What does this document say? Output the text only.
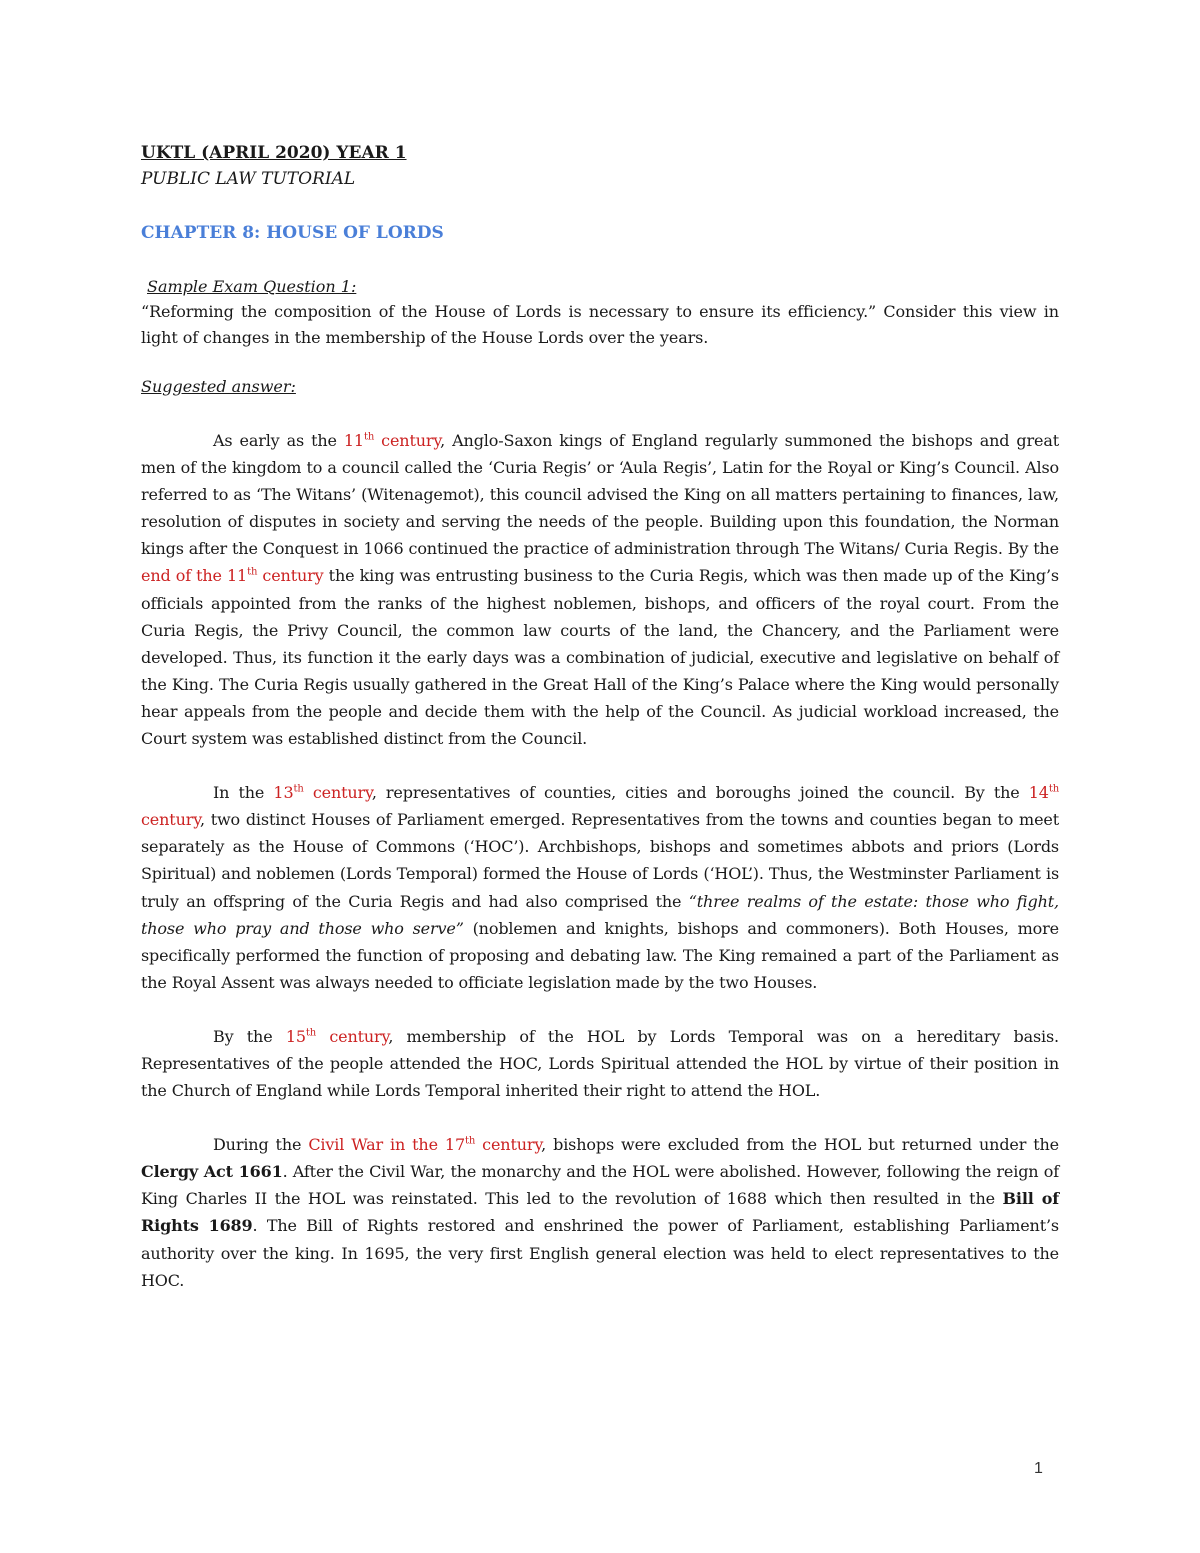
UKTL (APRIL 2020) YEAR 1

PUBLIC LAW TUTORIAL

CHAPTER 8: HOUSE OF LORDS

Sample Exam Question 1:

“Reforming the composition of the House of Lords is necessary to ensure its efficiency.” Consider this view in light of changes in the membership of the House Lords over the years.

Suggested answer:

As early as the 11th century, Anglo-Saxon kings of England regularly summoned the bishops and great men of the kingdom to a council called the ‘Curia Regis’ or ‘Aula Regis’, Latin for the Royal or King’s Council. Also referred to as ‘The Witans’ (Witenagemot), this council advised the King on all matters pertaining to finances, law, resolution of disputes in society and serving the needs of the people. Building upon this foundation, the Norman kings after the Conquest in 1066 continued the practice of administration through The Witans/ Curia Regis. By the end of the 11th century the king was entrusting business to the Curia Regis, which was then made up of the King’s officials appointed from the ranks of the highest noblemen, bishops, and officers of the royal court. From the Curia Regis, the Privy Council, the common law courts of the land, the Chancery, and the Parliament were developed. Thus, its function it the early days was a combination of judicial, executive and legislative on behalf of the King. The Curia Regis usually gathered in the Great Hall of the King’s Palace where the King would personally hear appeals from the people and decide them with the help of the Council. As judicial workload increased, the Court system was established distinct from the Council.

In the 13th century, representatives of counties, cities and boroughs joined the council. By the 14th century, two distinct Houses of Parliament emerged. Representatives from the towns and counties began to meet separately as the House of Commons (‘HOC’). Archbishops, bishops and sometimes abbots and priors (Lords Spiritual) and noblemen (Lords Temporal) formed the House of Lords (‘HOL’). Thus, the Westminster Parliament is truly an offspring of the Curia Regis and had also comprised the “three realms of the estate: those who fight, those who pray and those who serve” (noblemen and knights, bishops and commoners). Both Houses, more specifically performed the function of proposing and debating law. The King remained a part of the Parliament as the Royal Assent was always needed to officiate legislation made by the two Houses.

By the 15th century, membership of the HOL by Lords Temporal was on a hereditary basis. Representatives of the people attended the HOC, Lords Spiritual attended the HOL by virtue of their position in the Church of England while Lords Temporal inherited their right to attend the HOL.

During the Civil War in the 17th century, bishops were excluded from the HOL but returned under the Clergy Act 1661. After the Civil War, the monarchy and the HOL were abolished. However, following the reign of King Charles II the HOL was reinstated. This led to the revolution of 1688 which then resulted in the Bill of Rights 1689. The Bill of Rights restored and enshrined the power of Parliament, establishing Parliament’s authority over the king. In 1695, the very first English general election was held to elect representatives to the HOC.

1
